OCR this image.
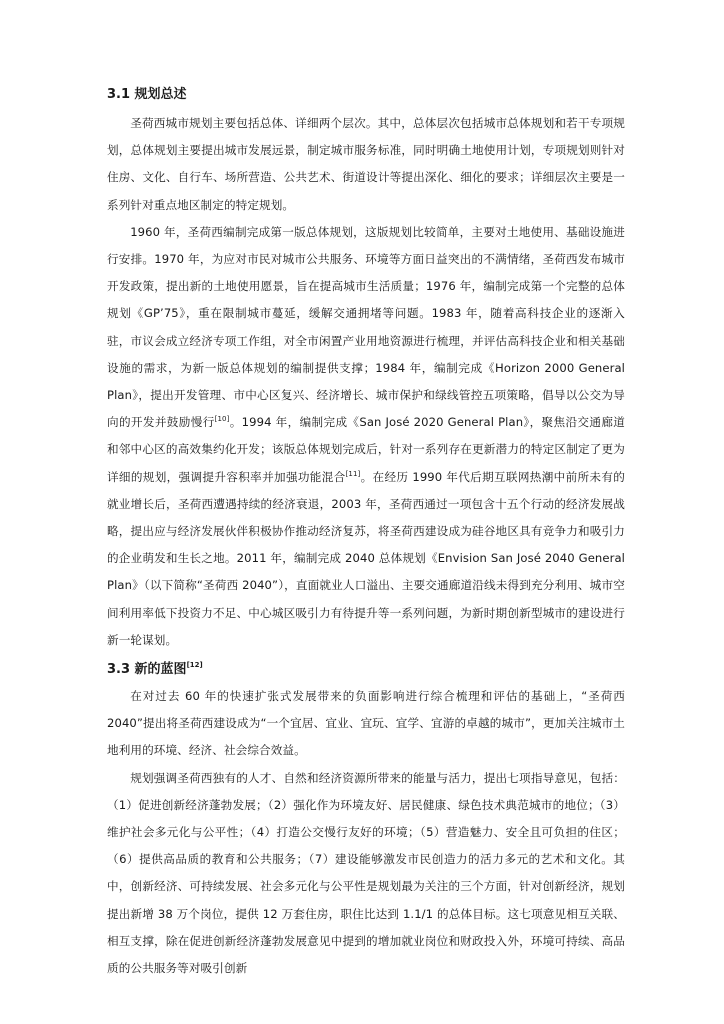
3.1 规划总述

圣荷西城市规划主要包括总体、详细两个层次。其中，总体层次包括城市总体规划和若干专项规划，总体规划主要提出城市发展远景，制定城市服务标准，同时明确土地使用计划，专项规划则针对住房、文化、自行车、场所营造、公共艺术、街道设计等提出深化、细化的要求；详细层次主要是一系列针对重点地区制定的特定规划。

1960 年，圣荷西编制完成第一版总体规划，这版规划比较简单，主要对土地使用、基础设施进行安排。1970 年，为应对市民对城市公共服务、环境等方面日益突出的不满情绪，圣荷西发布城市开发政策，提出新的土地使用愿景，旨在提高城市生活质量；1976 年，编制完成第一个完整的总体规划《GP’75》，重在限制城市蔓延，缓解交通拥堵等问题。1983 年，随着高科技企业的逐渐入驻，市议会成立经济专项工作组，对全市闲置产业用地资源进行梳理，并评估高科技企业和相关基础设施的需求，为新一版总体规划的编制提供支撑；1984 年，编制完成《Horizon 2000 General Plan》，提出开发管理、市中心区复兴、经济增长、城市保护和绿线管控五项策略，倡导以公交为导向的开发并鼓励慢行[10]。1994 年，编制完成《San José 2020 General Plan》，聚焦沿交通廊道和邻中心区的高效集约化开发；该版总体规划完成后，针对一系列存在更新潜力的特定区制定了更为详细的规划，强调提升容积率并加强功能混合[11]。在经历 1990 年代后期互联网热潮中前所未有的就业增长后，圣荷西遭遇持续的经济衰退，2003 年，圣荷西通过一项包含十五个行动的经济发展战略，提出应与经济发展伙伴积极协作推动经济复苏，将圣荷西建设成为硅谷地区具有竞争力和吸引力的企业萌发和生长之地。2011 年，编制完成 2040 总体规划《Envision San José 2040 General Plan》（以下简称“圣荷西 2040”），直面就业人口溢出、主要交通廊道沿线未得到充分利用、城市空间利用率低下投资力不足、中心城区吸引力有待提升等一系列问题，为新时期创新型城市的建设进行新一轮谋划。

3.3 新的蓝图[12]

在对过去 60 年的快速扩张式发展带来的负面影响进行综合梳理和评估的基础上，“圣荷西 2040”提出将圣荷西建设成为“一个宜居、宜业、宜玩、宜学、宜游的卓越的城市”，更加关注城市土地利用的环境、经济、社会综合效益。

规划强调圣荷西独有的人才、自然和经济资源所带来的能量与活力，提出七项指导意见，包括：（1）促进创新经济蓬勃发展；（2）强化作为环境友好、居民健康、绿色技术典范城市的地位；（3）维护社会多元化与公平性；（4）打造公交慢行友好的环境；（5）营造魅力、安全且可负担的住区；（6）提供高品质的教育和公共服务；（7）建设能够激发市民创造力的活力多元的艺术和文化。其中，创新经济、可持续发展、社会多元化与公平性是规划最为关注的三个方面，针对创新经济，规划提出新增 38 万个岗位，提供 12 万套住房，职住比达到 1.1/1 的总体目标。这七项意见相互关联、相互支撑，除在促进创新经济蓬勃发展意见中提到的增加就业岗位和财政投入外，环境可持续、高品质的公共服务等对吸引创新
